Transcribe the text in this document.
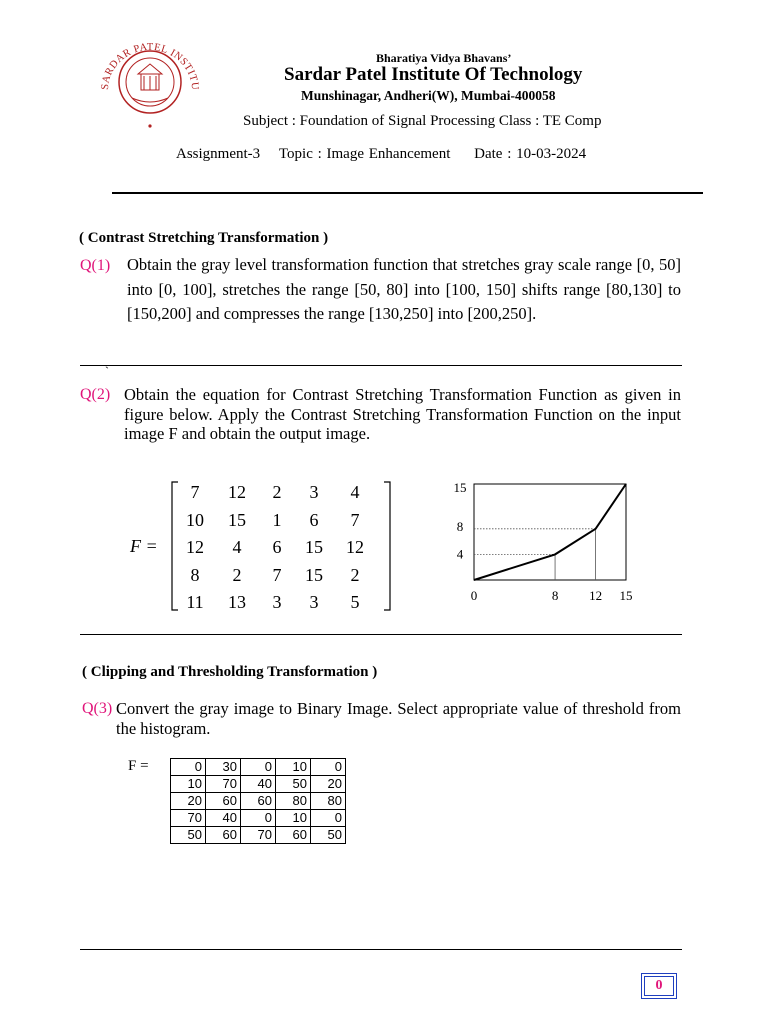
SARDAR PATEL INSTITU
Bharatiya Vidya Bhavans’
Sardar Patel Institute Of Technology
Munshinagar, Andheri(W), Mumbai-400058
Subject : Foundation of Signal Processing Class : TE Comp
Assignment-3 Topic : Image Enhancement Date : 10-03-2024
( Contrast Stretching Transformation )
Q(1) Obtain the gray level transformation function that stretches gray scale range [0, 50] into [0, 100], stretches the range [50, 80] into [100, 150] shifts range [80,130] to [150,200] and compresses the range [130,250] into [200,250].
`
Q(2) Obtain the equation for Contrast Stretching Transformation Function as given in figure below. Apply the Contrast Stretching Transformation Function on the input image F and obtain the output image.
F =
7	12	2	3	4
10	15	1	6	7
12	4	6	15	12
8	2	7	15	2
11	13	3	3	5	0	8 12 15
4
8
15
( Clipping and Thresholding Transformation )
Q(3) Convert the gray image to Binary Image. Select appropriate value of threshold from the histogram.
F =	0	30	0	10	0
10	70	40	50	20
20	60	60	80	80
70	40	0	10	0
50	60	70	60	50
0
